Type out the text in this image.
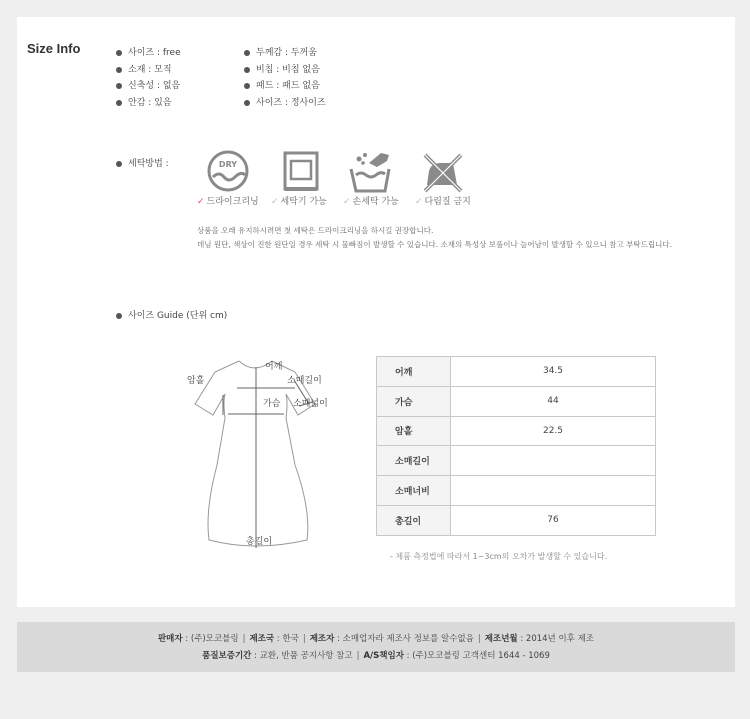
Size Info	사이즈 : free
소재 : 모직
신축성 : 없음
안감 : 있음
두께감 : 두꺼움
비침 : 비침 없음
패드 : 패드 없음
사이즈 : 정사이즈
세탁방법 :	DRY
✓ 드라이크리닝 ✓ 세탁기 가능 ✓ 손세탁 가능 ✓ 다림질 금지
상품을 오래 유지하시려면 첫 세탁은 드라이크리닝을 하시길 권장합니다.
데님 원단, 색상이 진한 원단일 경우 세탁 시 물빠짐이 발생할 수 있습니다. 소재의 특성상 보풀이나 늘어남이 발생할 수 있으니 참고 부탁드립니다.
사이즈 Guide (단위 cm)
어깨
암홀	소매길이
가슴 소매넓이
총길이
어깨	34.5
가슴	44
암홀	22.5
소매길이	
소매너비	
총길이	76
- 제품 측정법에 따라서 1~3cm의 오차가 발생할 수 있습니다.
판매자 : (주)모코블링 | 제조국 : 한국 | 제조자 : 소매업자라 제조사 정보를 알수없음 | 제조년월 : 2014년 이후 제조
품질보증기간 : 교환, 반품 공지사항 참고 | A/S책임자 : (주)모코블링 고객센터 1644 - 1069
